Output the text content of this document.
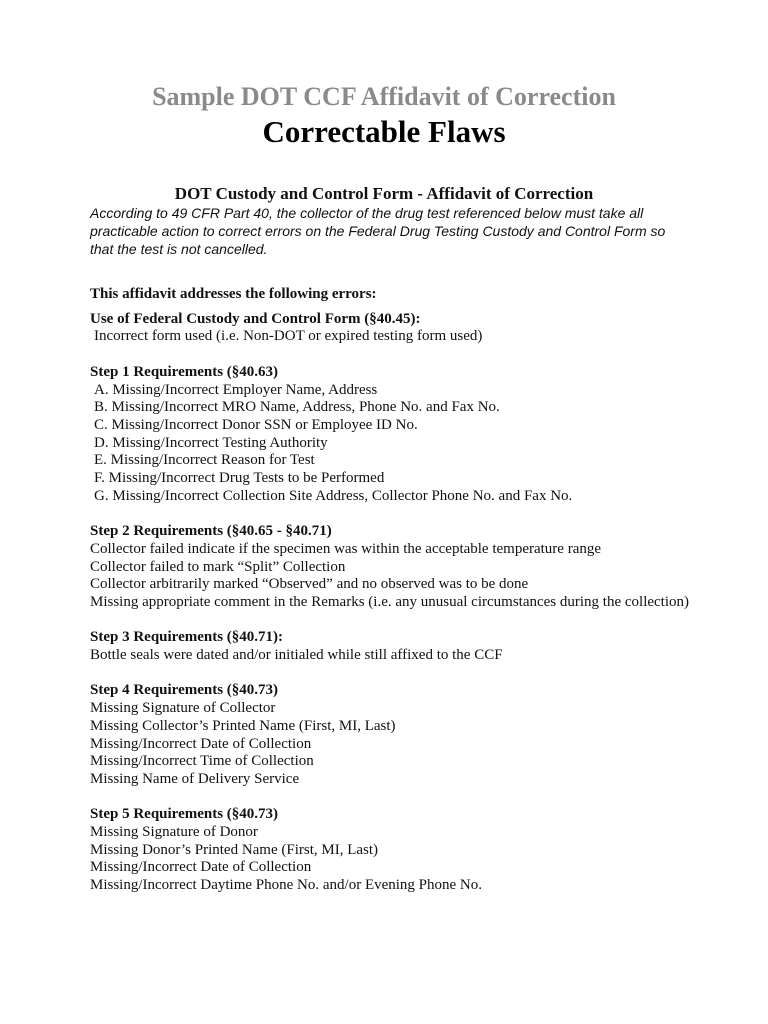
Sample DOT CCF Affidavit of Correction
Correctable Flaws
DOT Custody and Control Form - Affidavit of Correction
According to 49 CFR Part 40, the collector of the drug test referenced below must take all practicable action to correct errors on the Federal Drug Testing Custody and Control Form so that the test is not cancelled.

This affidavit addresses the following errors:

Use of Federal Custody and Control Form (§40.45):

Incorrect form used (i.e. Non-DOT or expired testing form used)

Step 1 Requirements (§40.63)

A. Missing/Incorrect Employer Name, Address
B. Missing/Incorrect MRO Name, Address, Phone No. and Fax No.
C. Missing/Incorrect Donor SSN or Employee ID No.
D. Missing/Incorrect Testing Authority
E. Missing/Incorrect Reason for Test
F. Missing/Incorrect Drug Tests to be Performed
G. Missing/Incorrect Collection Site Address, Collector Phone No. and Fax No.

Step 2 Requirements (§40.65 - §40.71)

Collector failed indicate if the specimen was within the acceptable temperature range
Collector failed to mark “Split” Collection
Collector arbitrarily marked “Observed” and no observed was to be done
Missing appropriate comment in the Remarks (i.e. any unusual circumstances during the collection)

Step 3 Requirements (§40.71):

Bottle seals were dated and/or initialed while still affixed to the CCF

Step 4 Requirements (§40.73)

Missing Signature of Collector
Missing Collector’s Printed Name (First, MI, Last)
Missing/Incorrect Date of Collection
Missing/Incorrect Time of Collection
Missing Name of Delivery Service

Step 5 Requirements (§40.73)

Missing Signature of Donor
Missing Donor’s Printed Name (First, MI, Last)
Missing/Incorrect Date of Collection
Missing/Incorrect Daytime Phone No. and/or Evening Phone No.
